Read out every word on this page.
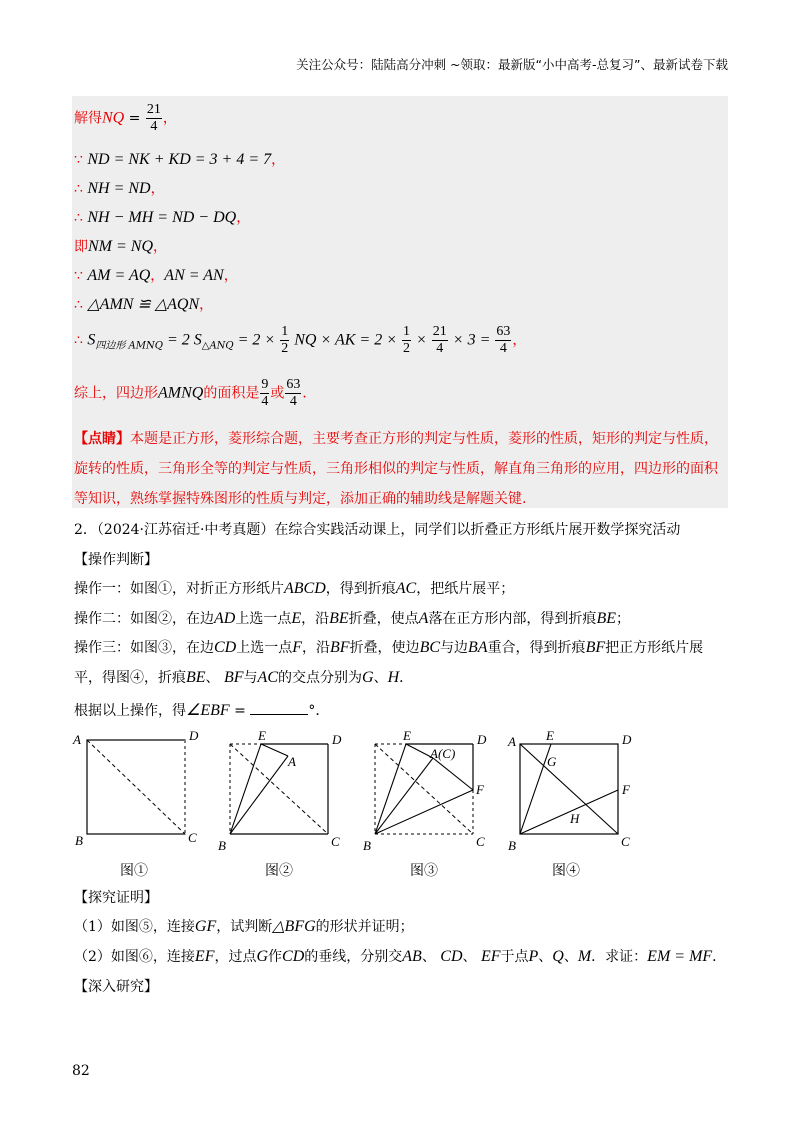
关注公众号：陆陆高分冲刺 ~领取：最新版“小中高考-总复习”、最新试卷下载
解得NQ = $\frac{21}{4}$ ，
∵ ND = NK + KD = 3 + 4 = 7，
∴ NH = ND，
∴ NH − MH = ND − DQ，
即NM = NQ，
∵ AM = AQ，AN = AN，
∴ △AMN ≌ △AQN，
∴ $S_{四边形 AMNQ} = 2$ $S_{\triangle ANQ} = 2 \times \frac{1}{2}$ NQ × AK = $2 \times \frac{1}{2} \times \frac{21}{4} \times 3 = \frac{63}{4}$ ，
综上，四边形AMNQ的面积是 $\frac{9}{4}$ 或 $\frac{63}{4}$ ．
【点睛】本题是正方形，菱形综合题，主要考查正方形的判定与性质，菱形的性质，矩形的判定与性质，旋转的性质，三角形全等的判定与性质，三角形相似的判定与性质，解直角三角形的应用，四边形的面积等知识，熟练掌握特殊图形的性质与判定，添加正确的辅助线是解题关键.
2．（2024·江苏宿迁·中考真题）在综合实践活动课上，同学们以折叠正方形纸片展开数学探究活动
【操作判断】
操作一：如图①，对折正方形纸片ABCD，得到折痕AC，把纸片展平；
操作二：如图②，在边AD上选一点E，沿BE折叠，使点A落在正方形内部，得到折痕BE；
操作三：如图③，在边CD上选一点F，沿BF折叠，使边BC与边BA重合，得到折痕BF把正方形纸片展
平，得图④，折痕BE、 BF与AC的交点分别为G、H．
根据以上操作，得∠EBF =	°．
A	D
B	C
E	D
A
B	C
E	D
A(C)
F
B	C
A E	D
G
F
H
B	C
图①	图②	图③	图④
【探究证明】
（1）如图⑤，连接GF，试判断△BFG的形状并证明；
（2）如图⑥，连接EF，过点G作CD的垂线，分别交AB、 CD、 EF于点P、Q、M．求证：EM = MF．
【深入研究】
82
